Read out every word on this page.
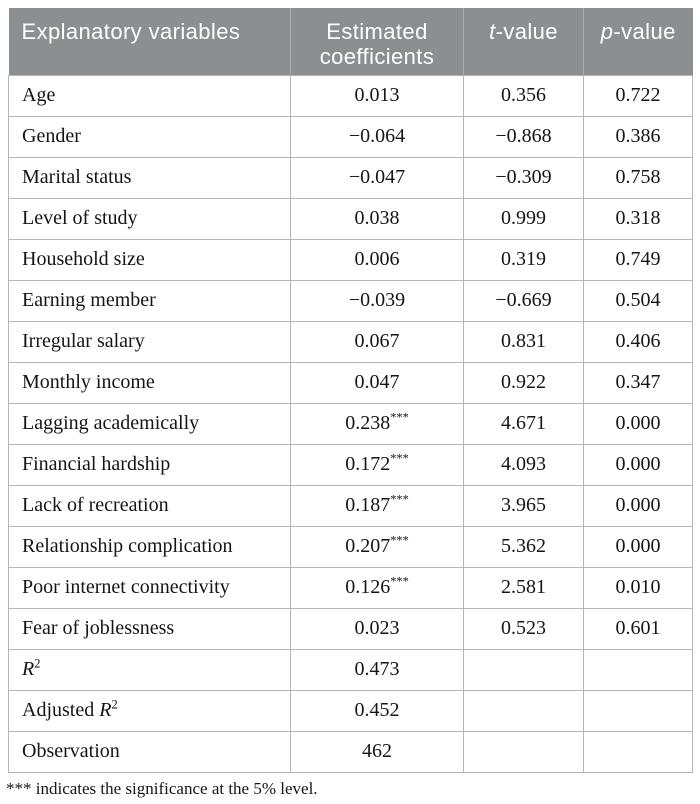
Explanatory variables	Estimated coefficients	t-value	p-value
Age	0.013	0.356	0.722
Gender	−0.064	−0.868	0.386
Marital status	−0.047	−0.309	0.758
Level of study	0.038	0.999	0.318
Household size	0.006	0.319	0.749
Earning member	−0.039	−0.669	0.504
Irregular salary	0.067	0.831	0.406
Monthly income	0.047	0.922	0.347
Lagging academically	0.238***	4.671	0.000
Financial hardship	0.172***	4.093	0.000
Lack of recreation	0.187***	3.965	0.000
Relationship complication	0.207***	5.362	0.000
Poor internet connectivity	0.126***	2.581	0.010
Fear of joblessness	0.023	0.523	0.601
$R^2$	0.473		
Adjusted $R^2$	0.452		
Observation	462		
*** indicates the significance at the 5% level.
